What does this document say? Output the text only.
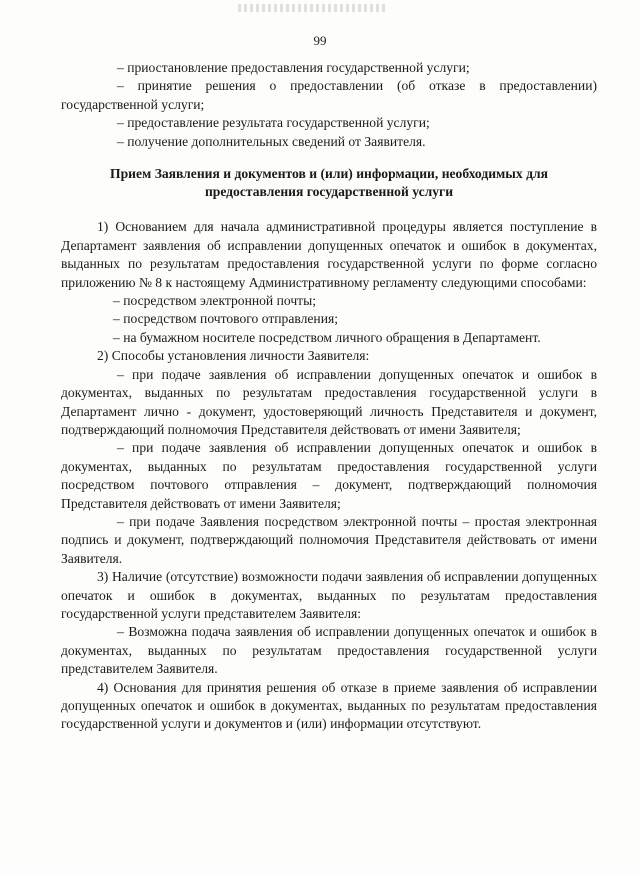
99

– приостановление предоставления государственной услуги;

– принятие решения о предоставлении (об отказе в предоставлении) государственной услуги;

– предоставление результата государственной услуги;

– получение дополнительных сведений от Заявителя.

Прием Заявления и документов и (или) информации, необходимых для предоставления государственной услуги

1) Основанием для начала административной процедуры является поступление в Департамент заявления об исправлении допущенных опечаток и ошибок в документах, выданных по результатам предоставления государственной услуги по форме согласно приложению № 8 к настоящему Административному регламенту следующими способами:

– посредством электронной почты;

– посредством почтового отправления;

– на бумажном носителе посредством личного обращения в Департамент.

2) Способы установления личности Заявителя:

– при подаче заявления об исправлении допущенных опечаток и ошибок в документах, выданных по результатам предоставления государственной услуги в Департамент лично - документ, удостоверяющий личность Представителя и документ, подтверждающий полномочия Представителя действовать от имени Заявителя;

– при подаче заявления об исправлении допущенных опечаток и ошибок в документах, выданных по результатам предоставления государственной услуги посредством почтового отправления – документ, подтверждающий полномочия Представителя действовать от имени Заявителя;

– при подаче Заявления посредством электронной почты – простая электронная подпись и документ, подтверждающий полномочия Представителя действовать от имени Заявителя.

3) Наличие (отсутствие) возможности подачи заявления об исправлении допущенных опечаток и ошибок в документах, выданных по результатам предоставления государственной услуги представителем Заявителя:

– Возможна подача заявления об исправлении допущенных опечаток и ошибок в документах, выданных по результатам предоставления государственной услуги представителем Заявителя.

4) Основания для принятия решения об отказе в приеме заявления об исправлении допущенных опечаток и ошибок в документах, выданных по результатам предоставления государственной услуги и документов и (или) информации отсутствуют.
